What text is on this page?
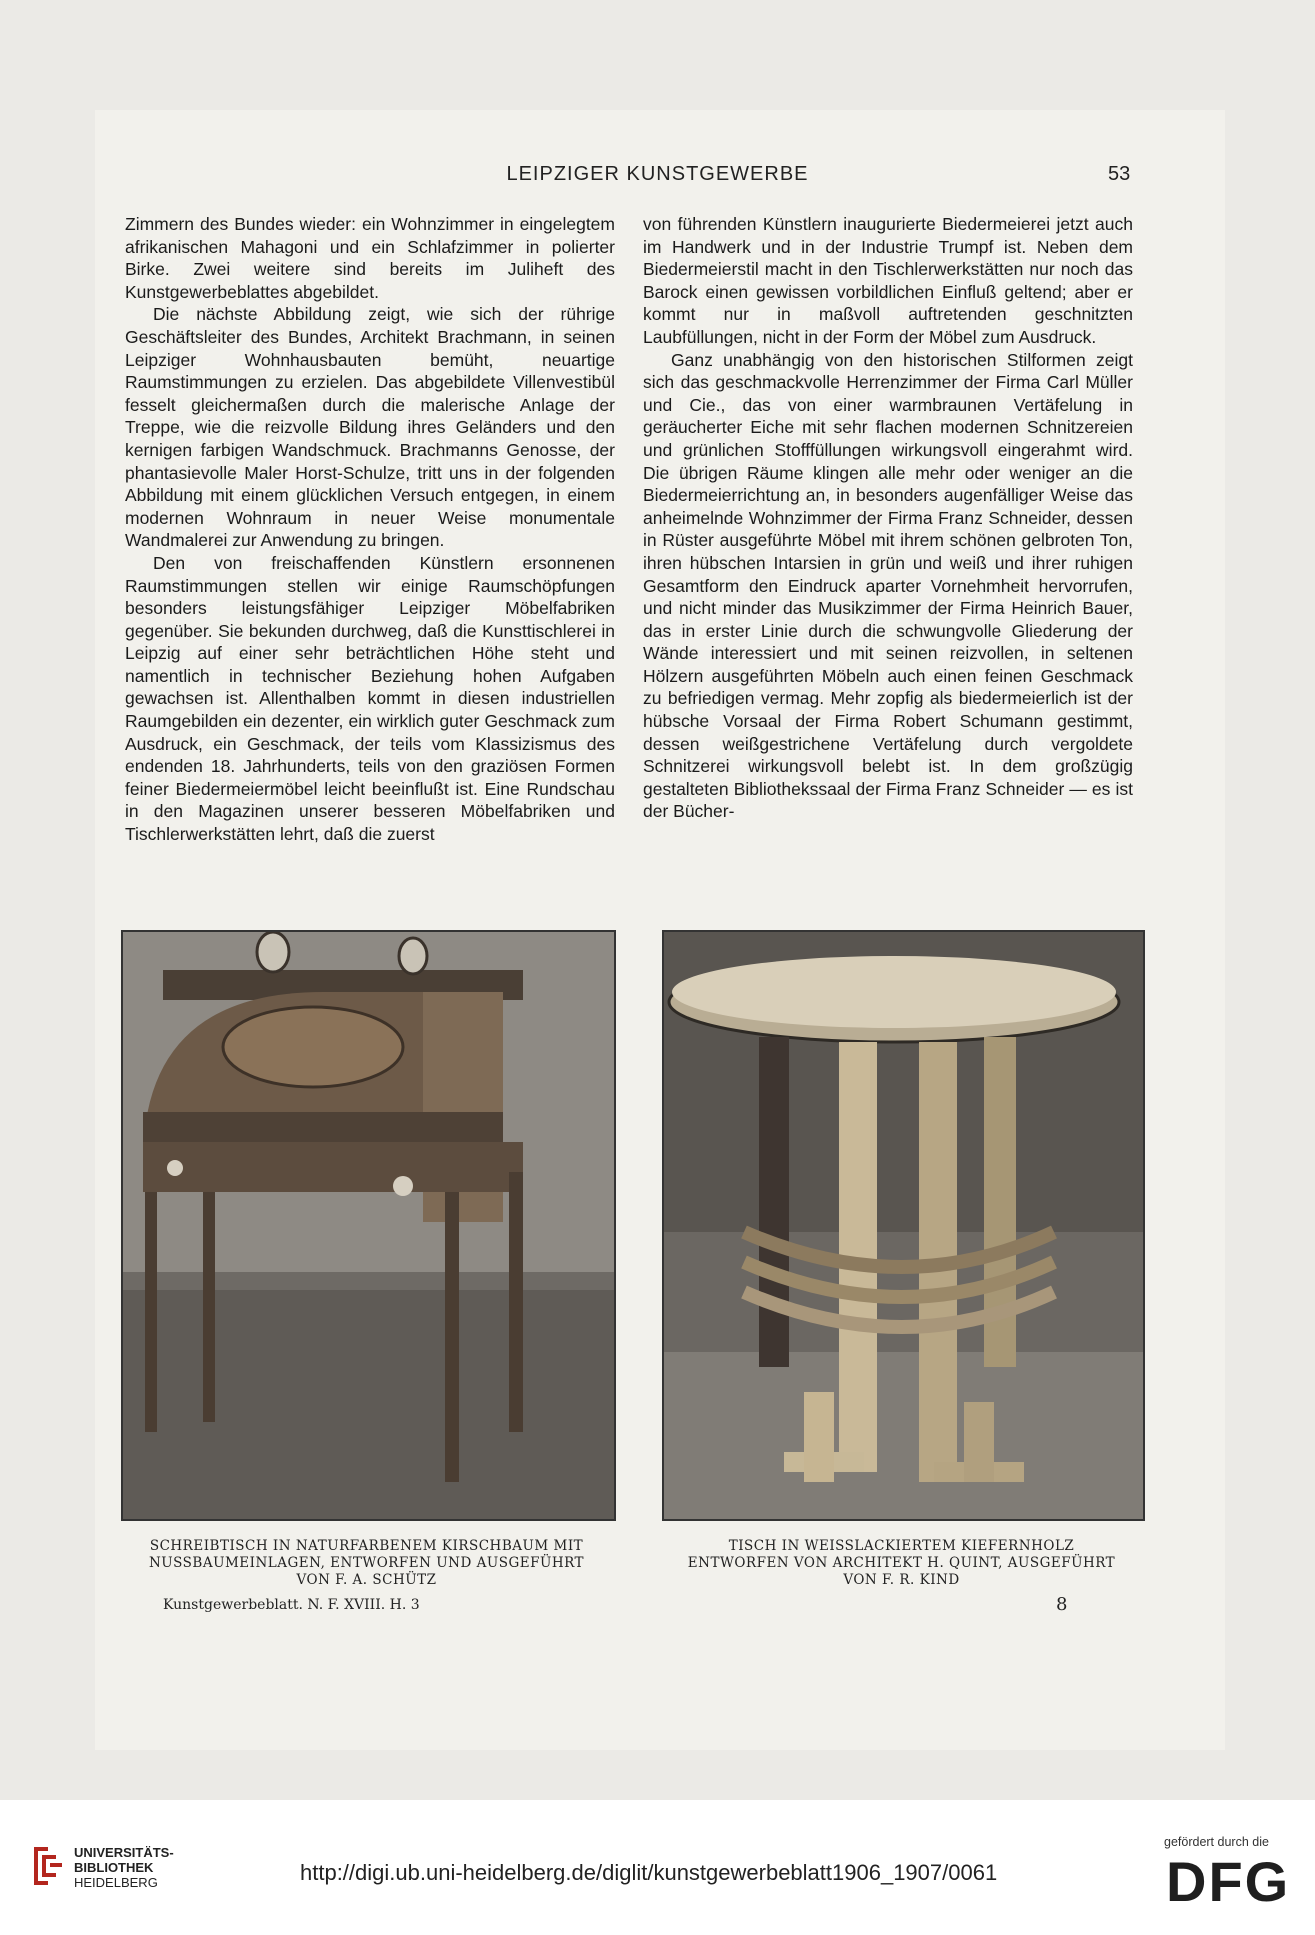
LEIPZIGER KUNSTGEWERBE	53

Zimmern des Bundes wieder: ein Wohnzimmer in eingelegtem afrikanischen Mahagoni und ein Schlafzimmer in polierter Birke. Zwei weitere sind bereits im Juliheft des Kunstgewerbeblattes abgebildet.

Die nächste Abbildung zeigt, wie sich der rührige Geschäftsleiter des Bundes, Architekt Brachmann, in seinen Leipziger Wohnhausbauten bemüht, neuartige Raumstimmungen zu erzielen. Das abgebildete Villenvestibül fesselt gleichermaßen durch die malerische Anlage der Treppe, wie die reizvolle Bildung ihres Geländers und den kernigen farbigen Wandschmuck. Brachmanns Genosse, der phantasievolle Maler Horst-Schulze, tritt uns in der folgenden Abbildung mit einem glücklichen Versuch entgegen, in einem modernen Wohnraum in neuer Weise monumentale Wandmalerei zur Anwendung zu bringen.

Den von freischaffenden Künstlern ersonnenen Raumstimmungen stellen wir einige Raumschöpfungen besonders leistungsfähiger Leipziger Möbelfabriken gegenüber. Sie bekunden durchweg, daß die Kunsttischlerei in Leipzig auf einer sehr beträchtlichen Höhe steht und namentlich in technischer Beziehung hohen Aufgaben gewachsen ist. Allenthalben kommt in diesen industriellen Raumgebilden ein dezenter, ein wirklich guter Geschmack zum Ausdruck, ein Geschmack, der teils vom Klassizismus des endenden 18. Jahrhunderts, teils von den graziösen Formen feiner Biedermeiermöbel leicht beeinflußt ist. Eine Rundschau in den Magazinen unserer besseren Möbelfabriken und Tischlerwerkstätten lehrt, daß die zuerst

von führenden Künstlern inaugurierte Biedermeierei jetzt auch im Handwerk und in der Industrie Trumpf ist. Neben dem Biedermeierstil macht in den Tischlerwerkstätten nur noch das Barock einen gewissen vorbildlichen Einfluß geltend; aber er kommt nur in maßvoll auftretenden geschnitzten Laubfüllungen, nicht in der Form der Möbel zum Ausdruck.

Ganz unabhängig von den historischen Stilformen zeigt sich das geschmackvolle Herrenzimmer der Firma Carl Müller und Cie., das von einer warmbraunen Vertäfelung in geräucherter Eiche mit sehr flachen modernen Schnitzereien und grünlichen Stofffüllungen wirkungsvoll eingerahmt wird. Die übrigen Räume klingen alle mehr oder weniger an die Biedermeierrichtung an, in besonders augenfälliger Weise das anheimelnde Wohnzimmer der Firma Franz Schneider, dessen in Rüster ausgeführte Möbel mit ihrem schönen gelbroten Ton, ihren hübschen Intarsien in grün und weiß und ihrer ruhigen Gesamtform den Eindruck aparter Vornehmheit hervorrufen, und nicht minder das Musikzimmer der Firma Heinrich Bauer, das in erster Linie durch die schwungvolle Gliederung der Wände interessiert und mit seinen reizvollen, in seltenen Hölzern ausgeführten Möbeln auch einen feinen Geschmack zu befriedigen vermag. Mehr zopfig als biedermeierlich ist der hübsche Vorsaal der Firma Robert Schumann gestimmt, dessen weißgestrichene Vertäfelung durch vergoldete Schnitzerei wirkungsvoll belebt ist. In dem großzügig gestalteten Bibliothekssaal der Firma Franz Schneider — es ist der Bücher-

SCHREIBTISCH IN NATURFARBENEM KIRSCHBAUM MIT
NUSSBAUMEINLAGEN, ENTWORFEN UND AUSGEFÜHRT
VON F. A. SCHÜTZ
TISCH IN WEISSLACKIERTEM KIEFERNHOLZ
ENTWORFEN VON ARCHITEKT H. QUINT, AUSGEFÜHRT
VON F. R. KIND
Kunstgewerbeblatt. N. F. XVIII. H. 3	8
UNIVERSITÄTS-
BIBLIOTHEK
HEIDELBERG	http://digi.ub.uni-heidelberg.de/diglit/kunstgewerbeblatt1906_1907/0061
gefördert durch die
DFG
